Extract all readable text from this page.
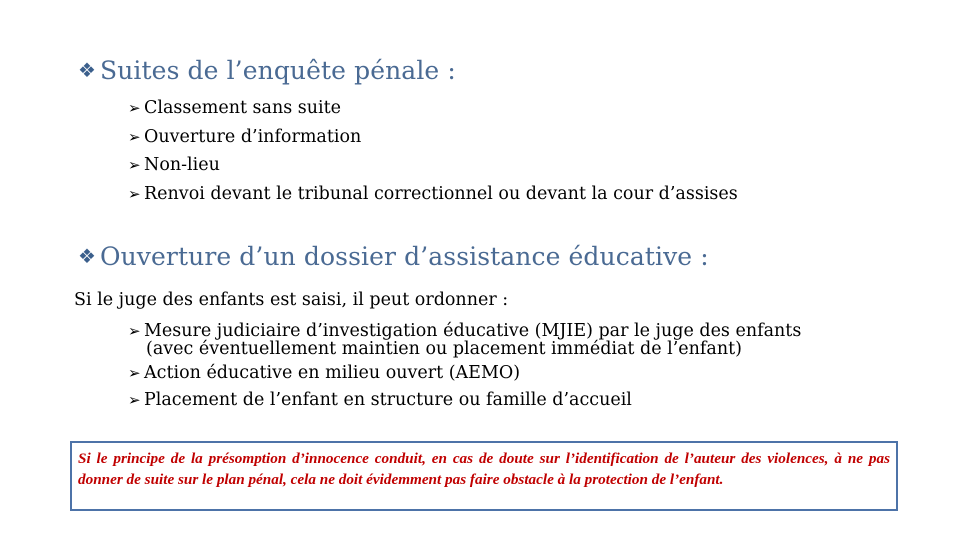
❖ Suites de l’enquête pénale :
➢ Classement sans suite
➢ Ouverture d’information
➢ Non-lieu
➢ Renvoi devant le tribunal correctionnel ou devant la cour d’assises
❖ Ouverture d’un dossier d’assistance éducative :
Si le juge des enfants est saisi, il peut ordonner :
➢ Mesure judiciaire d’investigation éducative (MJIE) par le juge des enfants
(avec éventuellement maintien ou placement immédiat de l’enfant)
➢ Action éducative en milieu ouvert (AEMO)
➢ Placement de l’enfant en structure ou famille d’accueil
Si le principe de la présomption d’innocence conduit, en cas de doute sur l’identification de l’auteur des violences, à ne pas donner de suite sur le plan pénal, cela ne doit évidemment pas faire obstacle à la protection de l’enfant.
